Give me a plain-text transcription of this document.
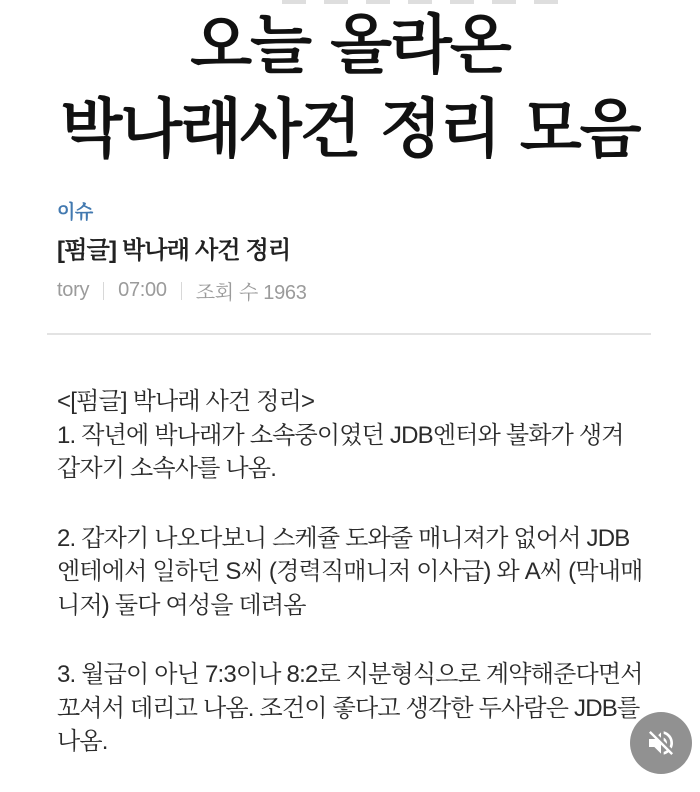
오늘 올라온
박나래사건 정리 모음
이슈
[펌글] 박나래 사건 정리
tory 07:00 조회 수 1963

<[펌글] 박나래 사건 정리>

1. 작년에 박나래가 소속중이였던 JDB엔터와 불화가 생겨 갑자기 소속사를 나옴.

2. 갑자기 나오다보니 스케쥴 도와줄 매니져가 없어서 JDB엔테에서 일하던 S씨 (경력직매니저 이사급) 와 A씨 (막내매니저) 둘다 여성을 데려옴

3. 월급이 아닌 7:3이나 8:2로 지분형식으로 계약해준다면서 꼬셔서 데리고 나옴. 조건이 좋다고 생각한 두사람은 JDB를 나옴.
